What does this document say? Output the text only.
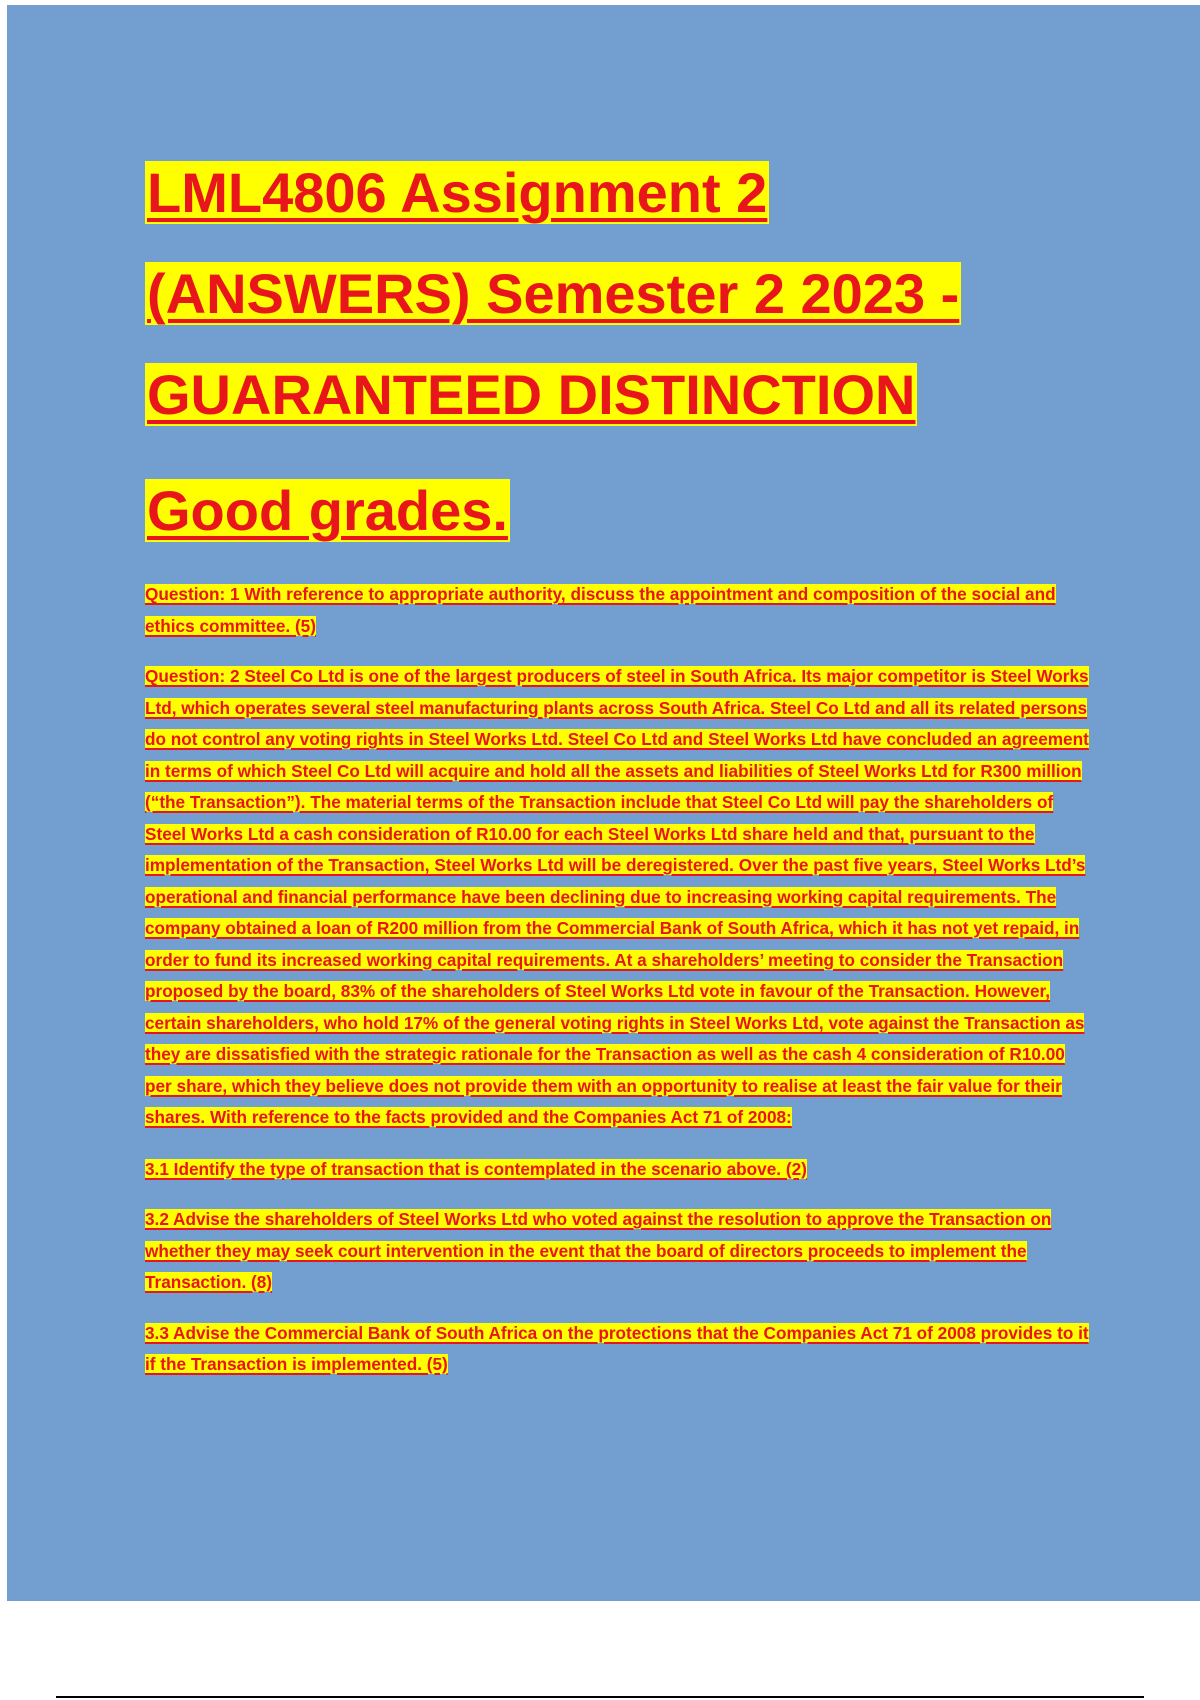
LML4806 Assignment 2
(ANSWERS) Semester 2 2023 -
GUARANTEED DISTINCTION
Good grades.

Question: 1 With reference to appropriate authority, discuss the appointment and composition of the social and ethics committee. (5)

Question: 2 Steel Co Ltd is one of the largest producers of steel in South Africa. Its major competitor is Steel Works Ltd, which operates several steel manufacturing plants across South Africa. Steel Co Ltd and all its related persons do not control any voting rights in Steel Works Ltd. Steel Co Ltd and Steel Works Ltd have concluded an agreement in terms of which Steel Co Ltd will acquire and hold all the assets and liabilities of Steel Works Ltd for R300 million (“the Transaction”). The material terms of the Transaction include that Steel Co Ltd will pay the shareholders of Steel Works Ltd a cash consideration of R10.00 for each Steel Works Ltd share held and that, pursuant to the implementation of the Transaction, Steel Works Ltd will be deregistered. Over the past five years, Steel Works Ltd’s operational and financial performance have been declining due to increasing working capital requirements. The company obtained a loan of R200 million from the Commercial Bank of South Africa, which it has not yet repaid, in order to fund its increased working capital requirements. At a shareholders’ meeting to consider the Transaction proposed by the board, 83% of the shareholders of Steel Works Ltd vote in favour of the Transaction. However, certain shareholders, who hold 17% of the general voting rights in Steel Works Ltd, vote against the Transaction as they are dissatisfied with the strategic rationale for the Transaction as well as the cash 4 consideration of R10.00 per share, which they believe does not provide them with an opportunity to realise at least the fair value for their shares. With reference to the facts provided and the Companies Act 71 of 2008:

3.1 Identify the type of transaction that is contemplated in the scenario above. (2)

3.2 Advise the shareholders of Steel Works Ltd who voted against the resolution to approve the Transaction on whether they may seek court intervention in the event that the board of directors proceeds to implement the Transaction. (8)

3.3 Advise the Commercial Bank of South Africa on the protections that the Companies Act 71 of 2008 provides to it if the Transaction is implemented. (5)
